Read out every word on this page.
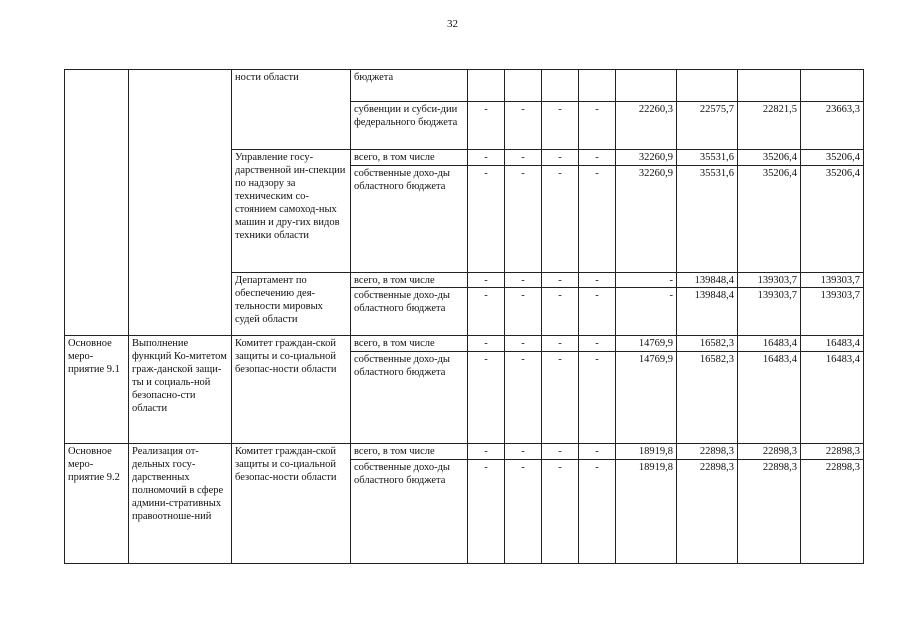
32
		ности области	бюджета								
			субвенции и субси-дии федерального бюджета	-	-	-	-	22260,3	22575,7	22821,5	23663,3
		Управление госу-дарственной ин-спекции по надзору за техническим со-стоянием самоход-ных машин и дру-гих видов техники области	всего, в том числе	-	-	-	-	32260,9	35531,6	35206,4	35206,4
			собственные дохо-ды областного бюджета	-	-	-	-	32260,9	35531,6	35206,4	35206,4
		Департамент по обеспечению дея-тельности мировых судей области	всего, в том числе	-	-	-	-	-	139848,4	139303,7	139303,7
			собственные дохо-ды областного бюджета	-	-	-	-	-	139848,4	139303,7	139303,7
Основное меро-приятие 9.1	Выполнение функций Ко-митетом граж-данской защи-ты и социаль-ной безопасно-сти области	Комитет граждан-ской защиты и со-циальной безопас-ности области	всего, в том числе	-	-	-	-	14769,9	16582,3	16483,4	16483,4
			собственные дохо-ды областного бюджета	-	-	-	-	14769,9	16582,3	16483,4	16483,4
Основное меро-приятие 9.2	Реализация от-дельных госу-дарственных полномочий в сфере админи-стративных правоотноше-ний	Комитет граждан-ской защиты и со-циальной безопас-ности области	всего, в том числе	-	-	-	-	18919,8	22898,3	22898,3	22898,3
			собственные дохо-ды областного бюджета	-	-	-	-	18919,8	22898,3	22898,3	22898,3
